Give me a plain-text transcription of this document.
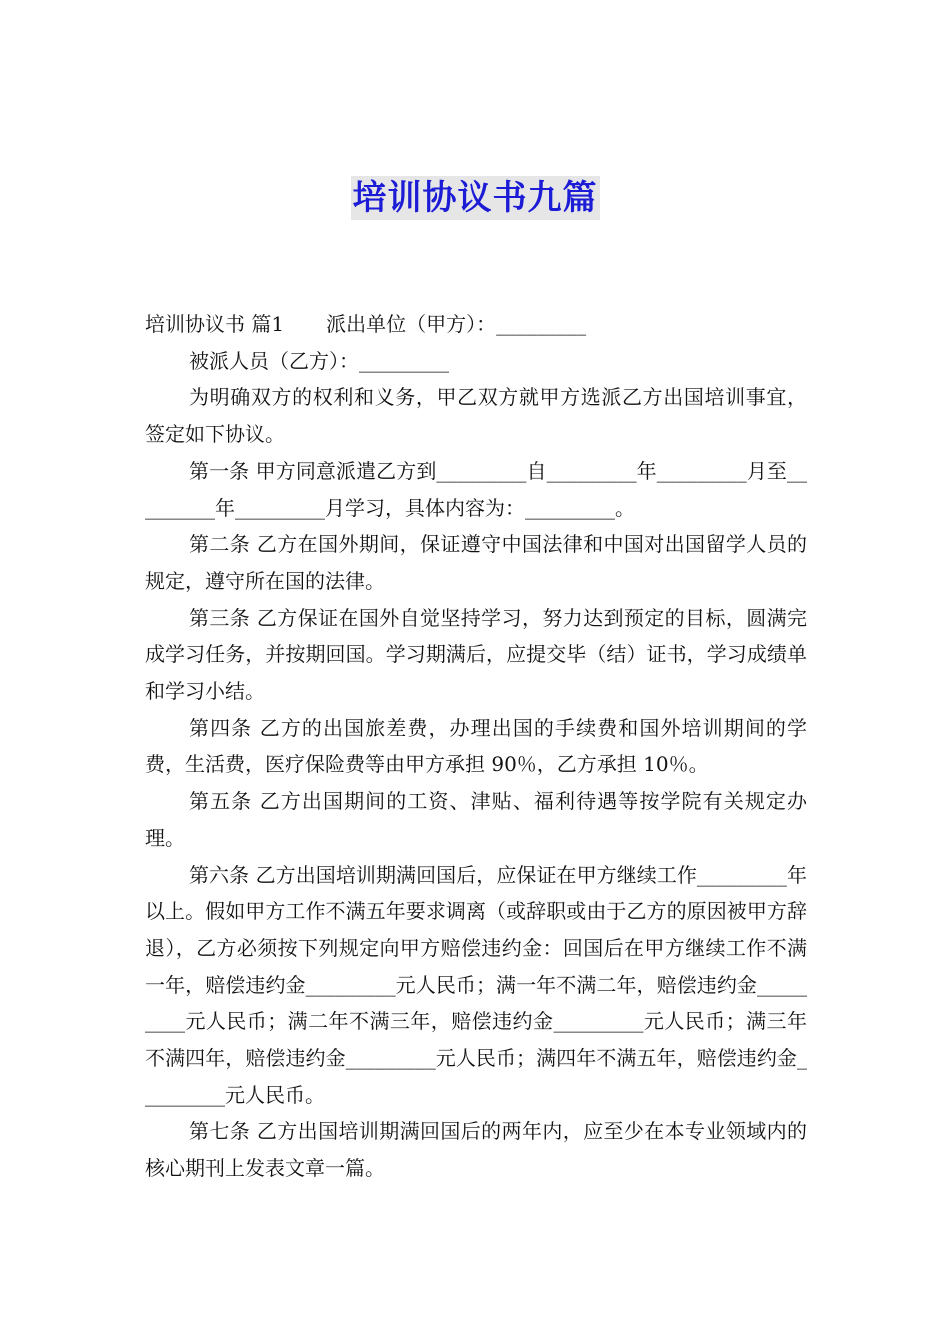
培训协议书九篇

培训协议书 篇1 派出单位（甲方）：_________

被派人员（乙方）：_________

为明确双方的权利和义务，甲乙双方就甲方选派乙方出国培训事宜，签定如下协议。

第一条 甲方同意派遣乙方到_________自_________年_________月至_________年_________月学习，具体内容为：_________。

第二条 乙方在国外期间，保证遵守中国法律和中国对出国留学人员的规定，遵守所在国的法律。

第三条 乙方保证在国外自觉坚持学习，努力达到预定的目标，圆满完成学习任务，并按期回国。学习期满后，应提交毕（结）证书，学习成绩单和学习小结。

第四条 乙方的出国旅差费，办理出国的手续费和国外培训期间的学费，生活费，医疗保险费等由甲方承担 90％，乙方承担 10％。

第五条 乙方出国期间的工资、津贴、福利待遇等按学院有关规定办理。

第六条 乙方出国培训期满回国后，应保证在甲方继续工作_________年以上。假如甲方工作不满五年要求调离（或辞职或由于乙方的原因被甲方辞退），乙方必须按下列规定向甲方赔偿违约金：回国后在甲方继续工作不满一年，赔偿违约金_________元人民币；满一年不满二年，赔偿违约金_________元人民币；满二年不满三年，赔偿违约金_________元人民币；满三年不满四年，赔偿违约金_________元人民币；满四年不满五年，赔偿违约金_________元人民币。

第七条 乙方出国培训期满回国后的两年内，应至少在本专业领域内的核心期刊上发表文章一篇。
